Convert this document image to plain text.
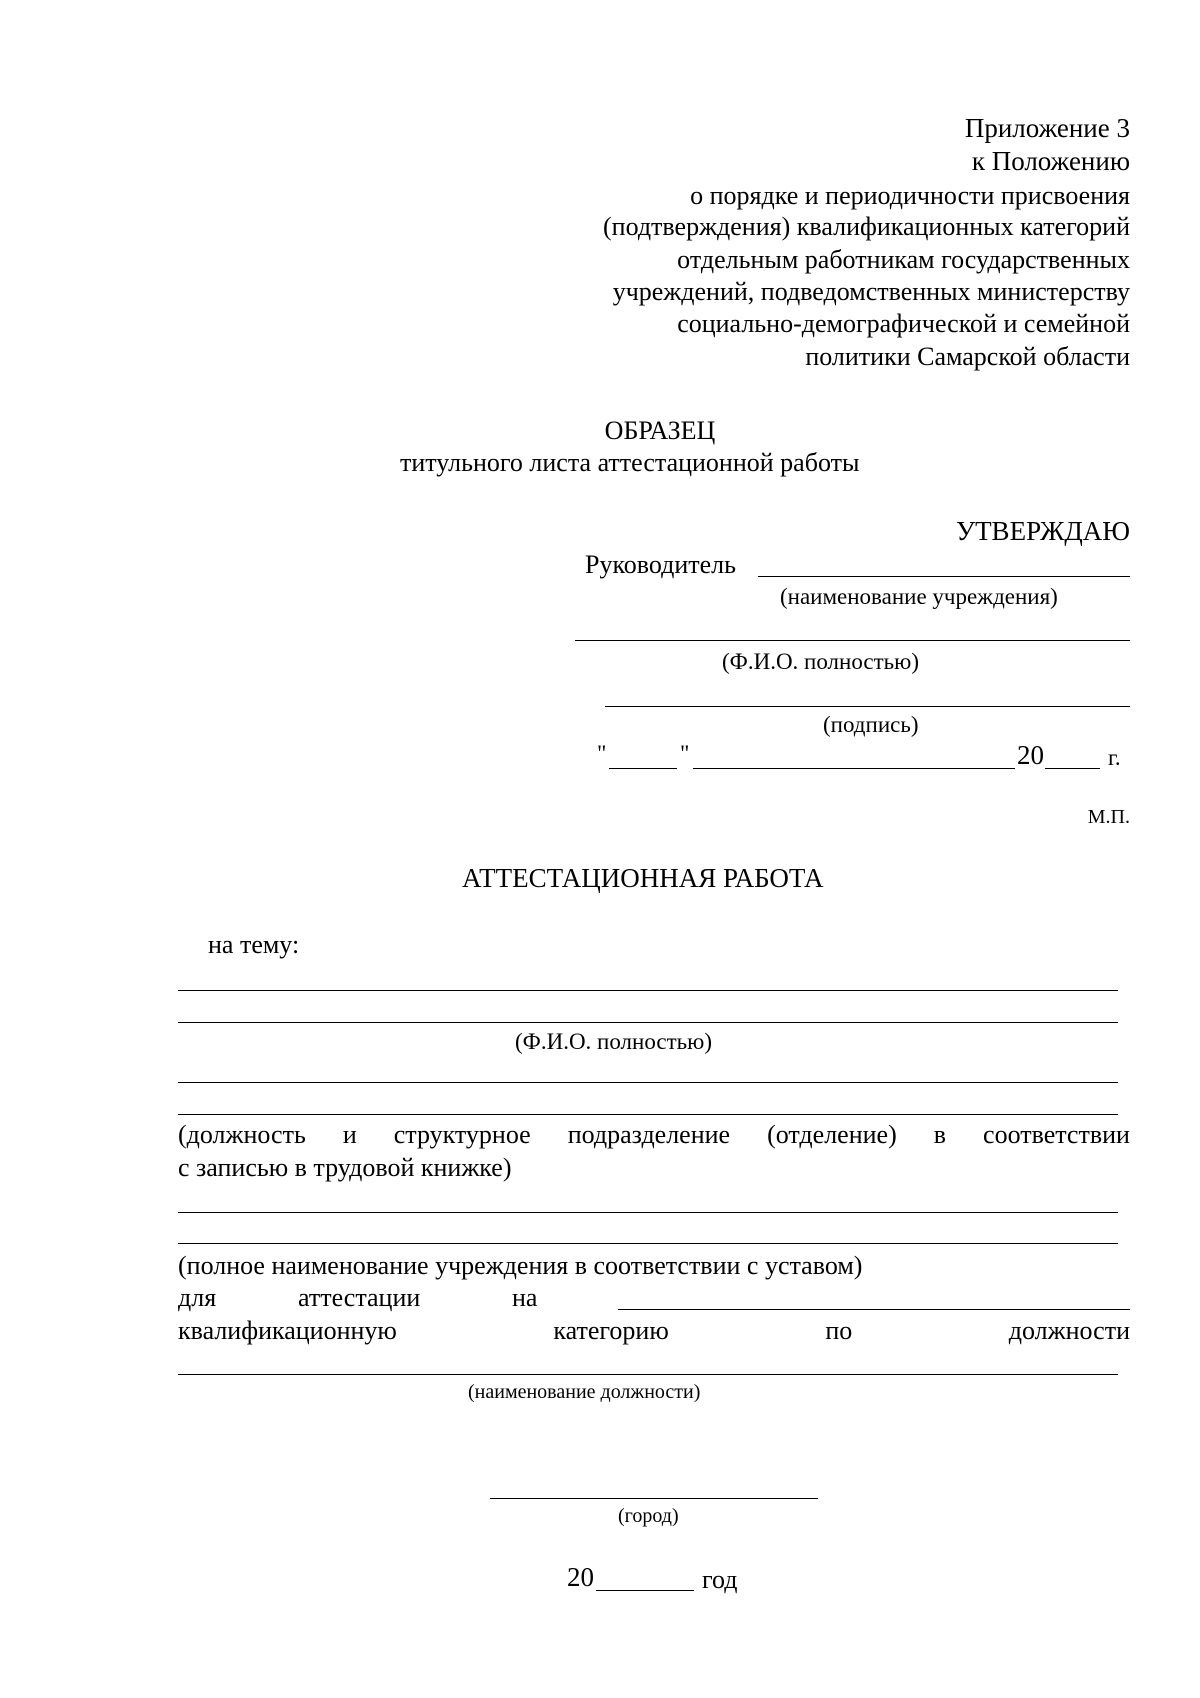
Приложение 3
к Положению
о порядке и периодичности присвоения
(подтверждения) квалификационных категорий
отдельным работникам государственных
учреждений, подведомственных министерству
социально-демографической и семейной
политики Самарской области
ОБРАЗЕЦ
титульного листа аттестационной работы
УТВЕРЖДАЮ
Руководитель
(наименование учреждения)
(Ф.И.О. полностью)
(подпись)
"	"	20	г.
М.П.
АТТЕСТАЦИОННАЯ РАБОТА
на тему:
(Ф.И.О. полностью)
(должность и структурное подразделение (отделение) в соответствии
с записью в трудовой книжке)
(полное наименование учреждения в соответствии с уставом)
для	аттестации	на
квалификационную	категорию	по	должности
(наименование должности)
(город)
20	год
